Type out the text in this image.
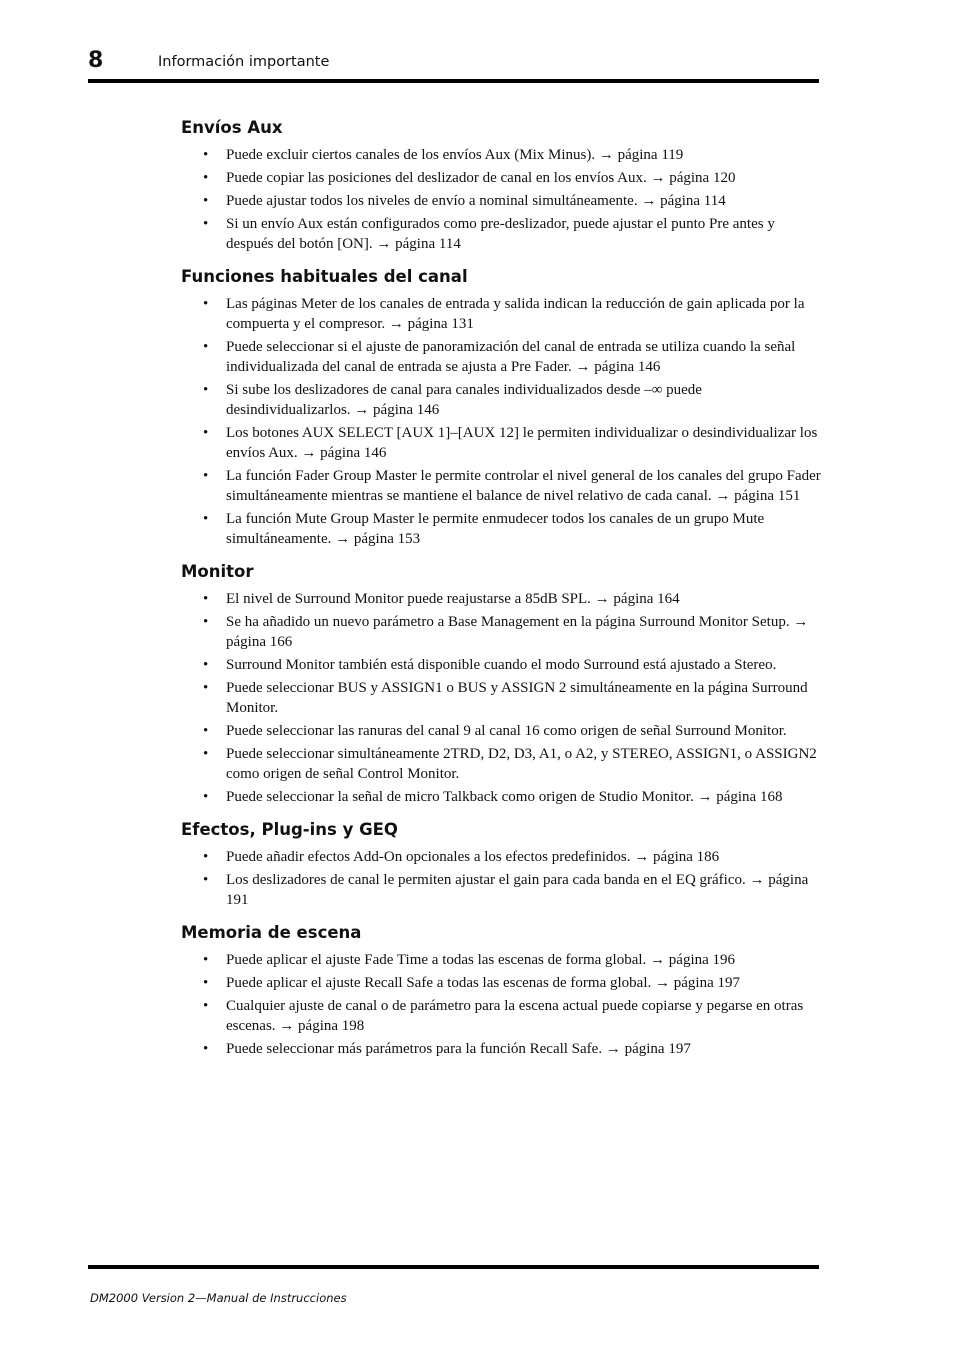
8	Información importante
Envíos Aux
• Puede excluir ciertos canales de los envíos Aux (Mix Minus). → página 119
• Puede copiar las posiciones del deslizador de canal en los envíos Aux. → página 120
• Puede ajustar todos los niveles de envío a nominal simultáneamente. → página 114
• Si un envío Aux están configurados como pre-deslizador, puede ajustar el punto Pre antes y después del botón [ON]. → página 114
Funciones habituales del canal
• Las páginas Meter de los canales de entrada y salida indican la reducción de gain aplicada por la compuerta y el compresor. → página 131
• Puede seleccionar si el ajuste de panoramización del canal de entrada se utiliza cuando la señal individualizada del canal de entrada se ajusta a Pre Fader. → página 146
• Si sube los deslizadores de canal para canales individualizados desde –∞ puede desindividualizarlos. → página 146
• Los botones AUX SELECT [AUX 1]–[AUX 12] le permiten individualizar o desindividualizar los envíos Aux. → página 146
• La función Fader Group Master le permite controlar el nivel general de los canales del grupo Fader simultáneamente mientras se mantiene el balance de nivel relativo de cada canal. → página 151
• La función Mute Group Master le permite enmudecer todos los canales de un grupo Mute simultáneamente. → página 153
Monitor
• El nivel de Surround Monitor puede reajustarse a 85dB SPL. → página 164
• Se ha añadido un nuevo parámetro a Base Management en la página Surround Monitor Setup. → página 166
• Surround Monitor también está disponible cuando el modo Surround está ajustado a Stereo.
• Puede seleccionar BUS y ASSIGN1 o BUS y ASSIGN 2 simultáneamente en la página Surround Monitor.
• Puede seleccionar las ranuras del canal 9 al canal 16 como origen de señal Surround Monitor.
• Puede seleccionar simultáneamente 2TRD, D2, D3, A1, o A2, y STEREO, ASSIGN1, o ASSIGN2 como origen de señal Control Monitor.
• Puede seleccionar la señal de micro Talkback como origen de Studio Monitor. → página 168
Efectos, Plug-ins y GEQ
• Puede añadir efectos Add-On opcionales a los efectos predefinidos. → página 186
• Los deslizadores de canal le permiten ajustar el gain para cada banda en el EQ gráfico. → página 191
Memoria de escena
• Puede aplicar el ajuste Fade Time a todas las escenas de forma global. → página 196
• Puede aplicar el ajuste Recall Safe a todas las escenas de forma global. → página 197
• Cualquier ajuste de canal o de parámetro para la escena actual puede copiarse y pegarse en otras escenas. → página 198
• Puede seleccionar más parámetros para la función Recall Safe. → página 197
DM2000 Version 2—Manual de Instrucciones
